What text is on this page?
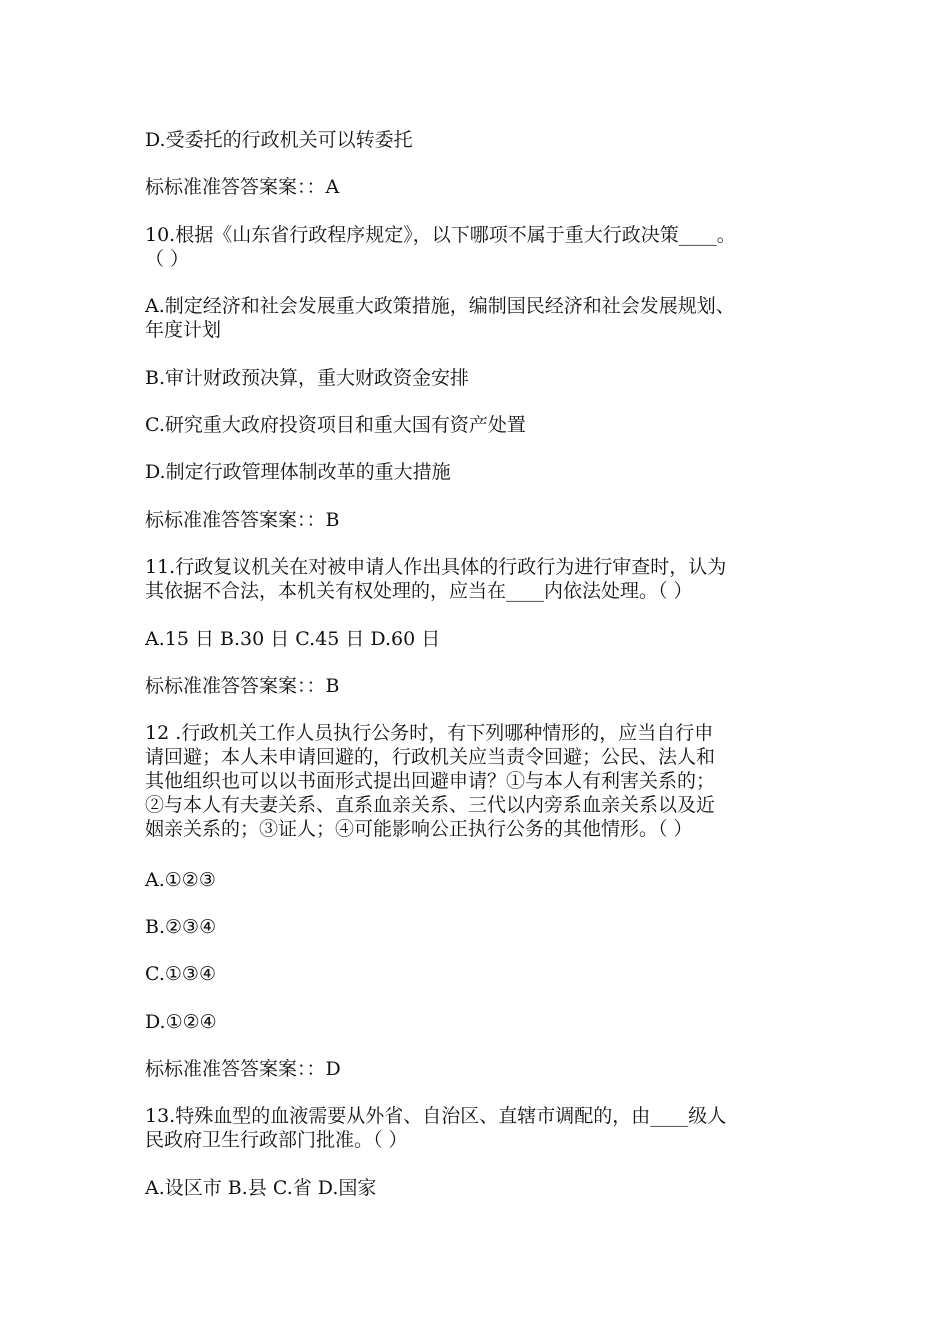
D.受委托的行政机关可以转委托

标标准准答答案案：：A

10.根据《山东省行政程序规定》，以下哪项不属于重大行政决策____。
（ ）

A.制定经济和社会发展重大政策措施，编制国民经济和社会发展规划、
年度计划

B.审计财政预决算，重大财政资金安排

C.研究重大政府投资项目和重大国有资产处置

D.制定行政管理体制改革的重大措施

标标准准答答案案：：B

11.行政复议机关在对被申请人作出具体的行政行为进行审查时，认为
其依据不合法，本机关有权处理的，应当在____内依法处理。（ ）

A.15 日 B.30 日 C.45 日 D.60 日

标标准准答答案案：：B

12 .行政机关工作人员执行公务时，有下列哪种情形的，应当自行申
请回避；本人未申请回避的，行政机关应当责令回避；公民、法人和
其他组织也可以以书面形式提出回避申请？①与本人有利害关系的；
②与本人有夫妻关系、直系血亲关系、三代以内旁系血亲关系以及近
姻亲关系的；③证人；④可能影响公正执行公务的其他情形。（ ）

A.①②③

B.②③④

C.①③④

D.①②④

标标准准答答案案：：D

13.特殊血型的血液需要从外省、自治区、直辖市调配的，由____级人
民政府卫生行政部门批准。（ ）

A.设区市 B.县 C.省 D.国家
